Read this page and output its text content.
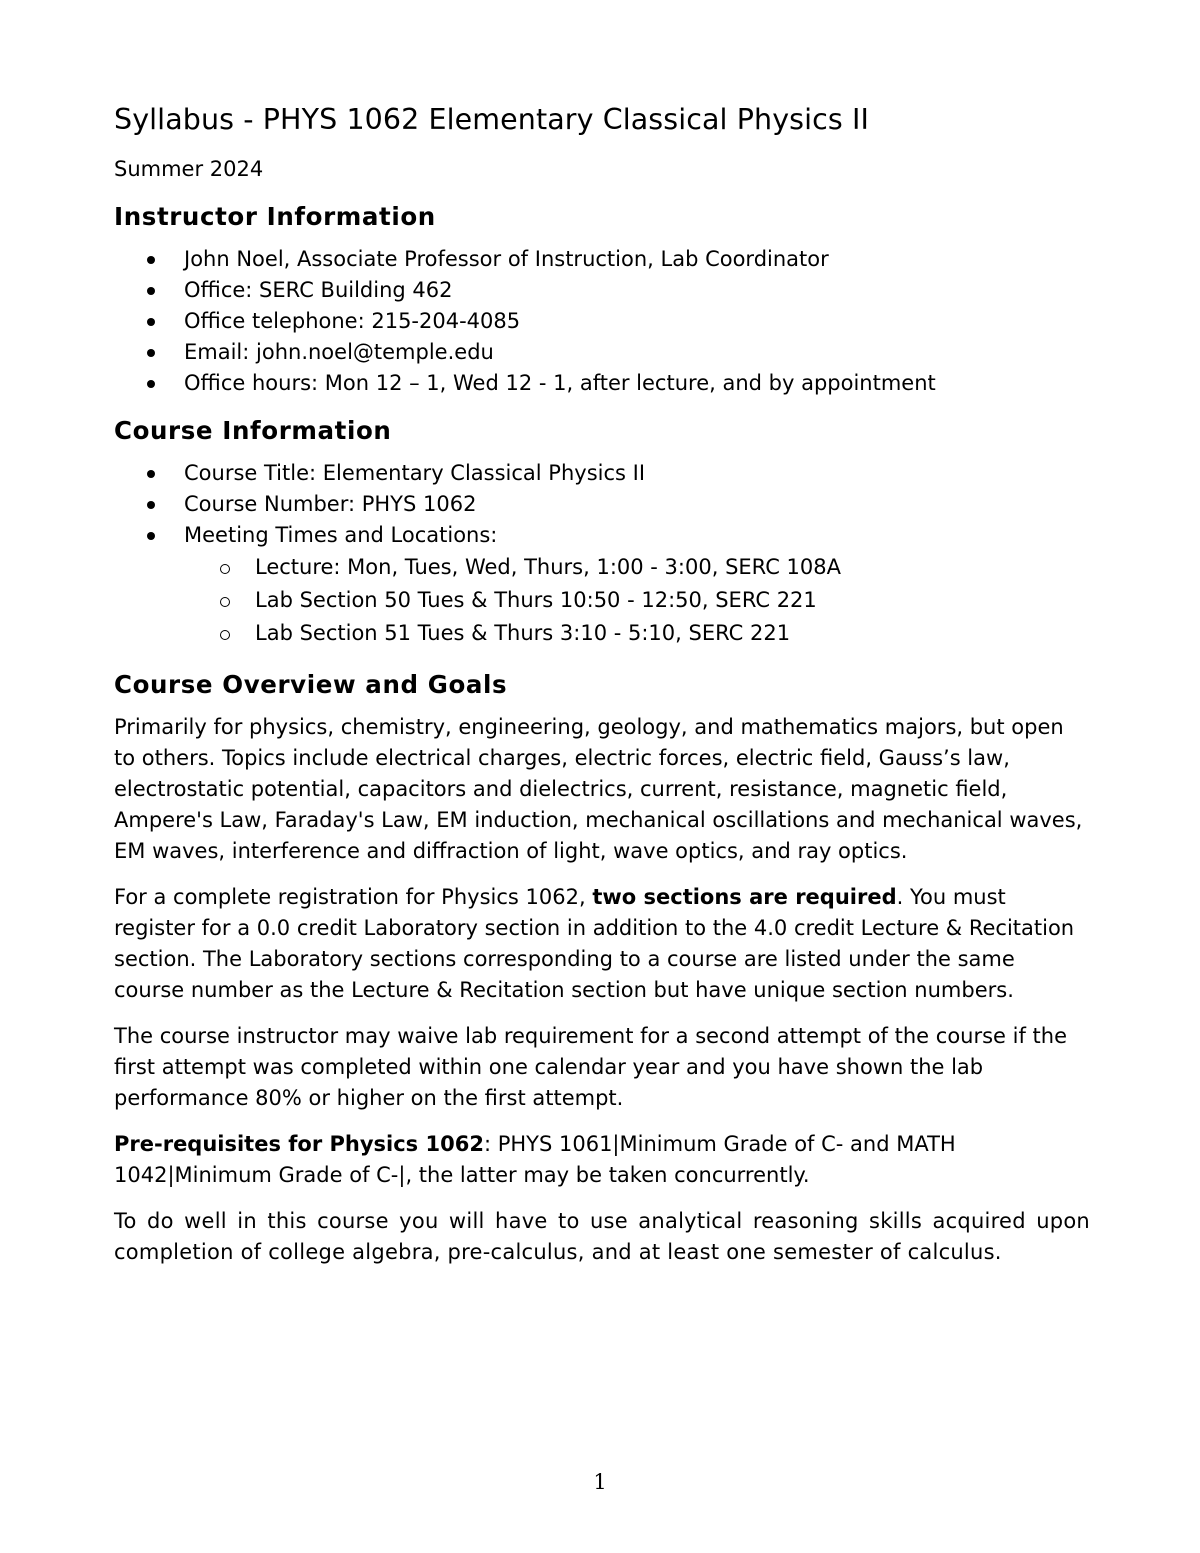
Syllabus - PHYS 1062 Elementary Classical Physics II

Summer 2024

Instructor Information
John Noel, Associate Professor of Instruction, Lab Coordinator
Office: SERC Building 462
Office telephone: 215-204-4085
Email: john.noel@temple.edu
Office hours: Mon 12 – 1, Wed 12 - 1, after lecture, and by appointment
Course Information
Course Title: Elementary Classical Physics II
Course Number: PHYS 1062
Meeting Times and Locations:
Lecture: Mon, Tues, Wed, Thurs, 1:00 - 3:00, SERC 108A
Lab Section 50 Tues & Thurs 10:50 - 12:50, SERC 221
Lab Section 51 Tues & Thurs 3:10 - 5:10, SERC 221
Course Overview and Goals

Primarily for physics, chemistry, engineering, geology, and mathematics majors, but open to others. Topics include electrical charges, electric forces, electric field, Gauss’s law, electrostatic potential, capacitors and dielectrics, current, resistance, magnetic field, Ampere's Law, Faraday's Law, EM induction, mechanical oscillations and mechanical waves, EM waves, interference and diffraction of light, wave optics, and ray optics.

For a complete registration for Physics 1062, two sections are required. You must register for a 0.0 credit Laboratory section in addition to the 4.0 credit Lecture & Recitation section. The Laboratory sections corresponding to a course are listed under the same course number as the Lecture & Recitation section but have unique section numbers.

The course instructor may waive lab requirement for a second attempt of the course if the first attempt was completed within one calendar year and you have shown the lab performance 80% or higher on the first attempt.

Pre-requisites for Physics 1062: PHYS 1061|Minimum Grade of C- and MATH 1042|Minimum Grade of C-|, the latter may be taken concurrently.

To do well in this course you will have to use analytical reasoning skills acquired upon completion of college algebra, pre-calculus, and at least one semester of calculus.

1
